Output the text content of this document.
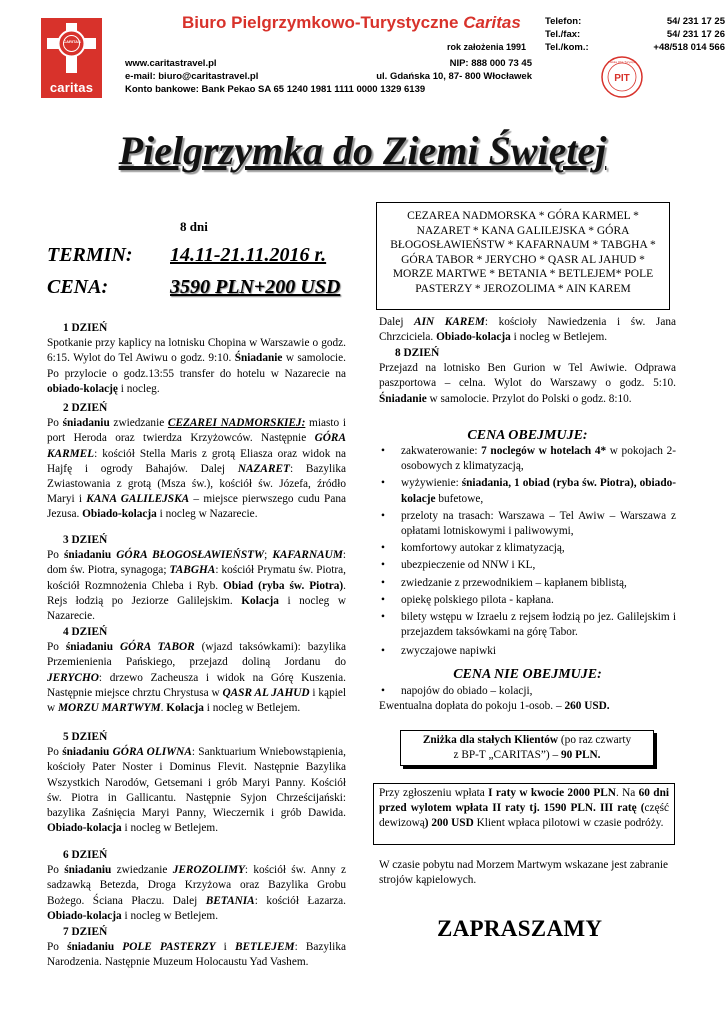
CARITAS
caritas
Biuro Pielgrzymkowo-Turystyczne Caritas
rok założenia 1991
Telefon:	54/ 231 17 25
Tel./fax:	54/ 231 17 26
Tel./kom.:	+48/518 014 566
www.caritastravel.pl
e-mail: biuro@caritastravel.pl
Konto bankowe: Bank Pekao SA 65 1240 1981 1111 0000 1329 6139
NIP: 888 000 73 45
ul. Gdańska 10, 87- 800 Włocławek	PIT
Polska Izba Turystyki
Pielgrzymka do Ziemi Świętej
8 dni
TERMIN: 14.11-21.11.2016 r.
CENA:	3590 PLN+200 USD
1 DZIEŃ
Spotkanie przy kaplicy na lotnisku Chopina w Warszawie o godz. 6:15. Wylot do Tel Awiwu o godz. 9:10. Śniadanie w samolocie. Po przylocie o godz.13:55 transfer do hotelu w Nazarecie na obiado-kolację i nocleg.
2 DZIEŃ
Po śniadaniu zwiedzanie CEZAREI NADMORSKIEJ: miasto i port Heroda oraz twierdza Krzyżowców. Następnie GÓRA KARMEL: kościół Stella Maris z grotą Eliasza oraz widok na Hajfę i ogrody Bahajów. Dalej NAZARET: Bazylika Zwiastowania z grotą (Msza św.), kościół św. Józefa, źródło Maryi i KANA GALILEJSKA – miejsce pierwszego cudu Pana Jezusa. Obiado-kolacja i nocleg w Nazarecie.
3 DZIEŃ
Po śniadaniu GÓRA BŁOGOSŁAWIEŃSTW; KAFARNAUM: dom św. Piotra, synagoga; TABGHA: kościół Prymatu św. Piotra, kościół Rozmnożenia Chleba i Ryb. Obiad (ryba św. Piotra). Rejs łodzią po Jeziorze Galilejskim. Kolacja i nocleg w Nazarecie.
4 DZIEŃ
Po śniadaniu GÓRA TABOR (wjazd taksówkami): bazylika Przemienienia Pańskiego, przejazd doliną Jordanu do JERYCHO: drzewo Zacheusza i widok na Górę Kuszenia. Następnie miejsce chrztu Chrystusa w QASR AL JAHUD i kąpiel w MORZU MARTWYM. Kolacja i nocleg w Betlejem.
5 DZIEŃ
Po śniadaniu GÓRA OLIWNA: Sanktuarium Wniebowstąpienia, kościoły Pater Noster i Dominus Flevit. Następnie Bazylika Wszystkich Narodów, Getsemani i grób Maryi Panny. Kościół św. Piotra in Gallicantu. Następnie Syjon Chrześcijański: bazylika Zaśnięcia Maryi Panny, Wieczernik i grób Dawida. Obiado-kolacja i nocleg w Betlejem.
6 DZIEŃ
Po śniadaniu zwiedzanie JEROZOLIMY: kościół św. Anny z sadzawką Betezda, Droga Krzyżowa oraz Bazylika Grobu Bożego. Ściana Płaczu. Dalej BETANIA: kościół Łazarza. Obiado-kolacja i nocleg w Betlejem.
7 DZIEŃ
Po śniadaniu POLE PASTERZY i BETLEJEM: Bazylika Narodzenia. Następnie Muzeum Holocaustu Yad Vashem.
CEZAREA NADMORSKA * GÓRA KARMEL * NAZARET * KANA GALILEJSKA * GÓRA BŁOGOSŁAWIEŃSTW * KAFARNAUM * TABGHA * GÓRA TABOR * JERYCHO * QASR AL JAHUD * MORZE MARTWE * BETANIA * BETLEJEM* POLE PASTERZY * JEROZOLIMA * AIN KAREM
Dalej AIN KAREM: kościoły Nawiedzenia i św. Jana Chrzciciela. Obiado-kolacja i nocleg w Betlejem.
8 DZIEŃ
Przejazd na lotnisko Ben Gurion w Tel Awiwie. Odprawa paszportowa – celna. Wylot do Warszawy o godz. 5:10. Śniadanie w samolocie. Przylot do Polski o godz. 8:10.
CENA OBEJMUJE:
• zakwaterowanie: 7 noclegów w hotelach 4* w pokojach 2- osobowych z klimatyzacją,
• wyżywienie: śniadania, 1 obiad (ryba św. Piotra), obiado-kolacje bufetowe,
• przeloty na trasach: Warszawa – Tel Awiw – Warszawa z opłatami lotniskowymi i paliwowymi,
• komfortowy autokar z klimatyzacją,
• ubezpieczenie od NNW i KL,
• zwiedzanie z przewodnikiem – kapłanem biblistą,
• opiekę polskiego pilota - kapłana.
• bilety wstępu w Izraelu z rejsem łodzią po jez. Galilejskim i przejazdem taksówkami na górę Tabor.
• zwyczajowe napiwki
CENA NIE OBEJMUJE:
• napojów do obiado – kolacji,
Ewentualna dopłata do pokoju 1-osob. – 260 USD.
Zniżka dla stałych Klientów (po raz czwarty
z BP-T „CARITAS”) – 90 PLN.
Przy zgłoszeniu wpłata I raty w kwocie 2000 PLN. Na 60 dni przed wylotem wpłata II raty tj. 1590 PLN. III ratę (część dewizową) 200 USD Klient wpłaca pilotowi w czasie podróży.
W czasie pobytu nad Morzem Martwym wskazane jest zabranie strojów kąpielowych.
ZAPRASZAMY
